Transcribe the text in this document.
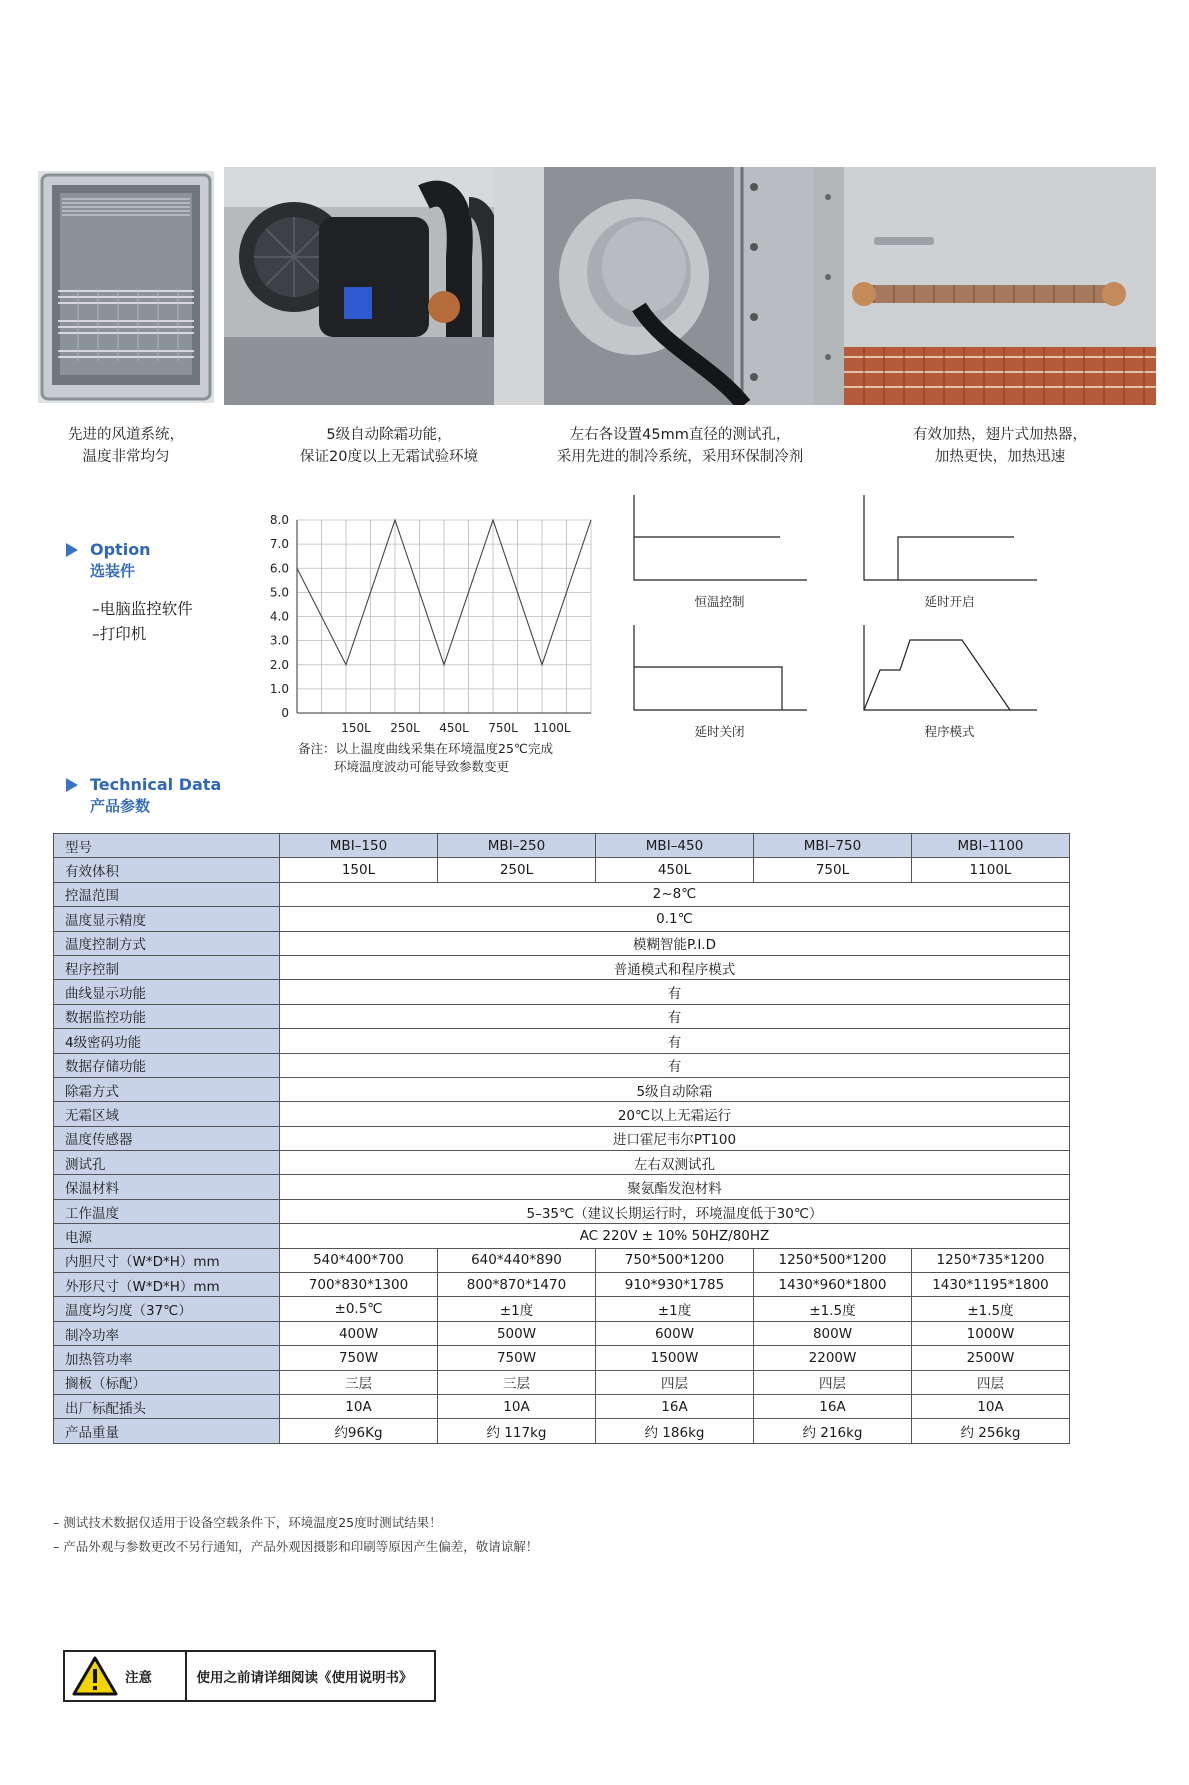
先进的风道系统，
温度非常均匀
5级自动除霜功能，
保证20度以上无霜试验环境
左右各设置45mm直径的测试孔，
采用先进的制冷系统，采用环保制冷剂
有效加热，翅片式加热器，
加热更快，加热迅速
Option
选装件
–电脑监控软件
–打印机
8.0
7.0
6.0
5.0
4.0
3.0
2.0
1.0
0
150L 250L 450L 750L 1100L
备注：以上温度曲线采集在环境温度25℃完成
环境温度波动可能导致参数变更
恒温控制	延时开启
延时关闭	程序模式
Technical Data
产品参数
型号	MBI–150	MBI–250	MBI–450	MBI–750	MBI–1100
有效体积	150L	250L	450L	750L	1100L
控温范围	2~8℃				
温度显示精度	0.1℃				
温度控制方式	模糊智能P.I.D				
程序控制	普通模式和程序模式				
曲线显示功能	有				
数据监控功能	有				
4级密码功能	有				
数据存储功能	有				
除霜方式	5级自动除霜				
无霜区域	20℃以上无霜运行				
温度传感器	进口霍尼韦尔PT100				
测试孔	左右双测试孔				
保温材料	聚氨酯发泡材料				
工作温度	5–35℃（建议长期运行时，环境温度低于30℃）				
电源	AC 220V ± 10% 50HZ/80HZ				
内胆尺寸（W*D*H）mm	540*400*700	640*440*890	750*500*1200	1250*500*1200	1250*735*1200
外形尺寸（W*D*H）mm	700*830*1300	800*870*1470	910*930*1785	1430*960*1800	1430*1195*1800
温度均匀度（37℃）	±0.5℃	±1度	±1度	±1.5度	±1.5度
制冷功率	400W	500W	600W	800W	1000W
加热管功率	750W	750W	1500W	2200W	2500W
搁板（标配）	三层	三层	四层	四层	四层
出厂标配插头	10A	10A	16A	16A	10A
产品重量	约96Kg	约 117kg	约 186kg	约 216kg	约 256kg
– 测试技术数据仅适用于设备空载条件下，环境温度25度时测试结果！
– 产品外观与参数更改不另行通知，产品外观因摄影和印刷等原因产生偏差，敬请谅解！
注意	使用之前请详细阅读《使用说明书》
